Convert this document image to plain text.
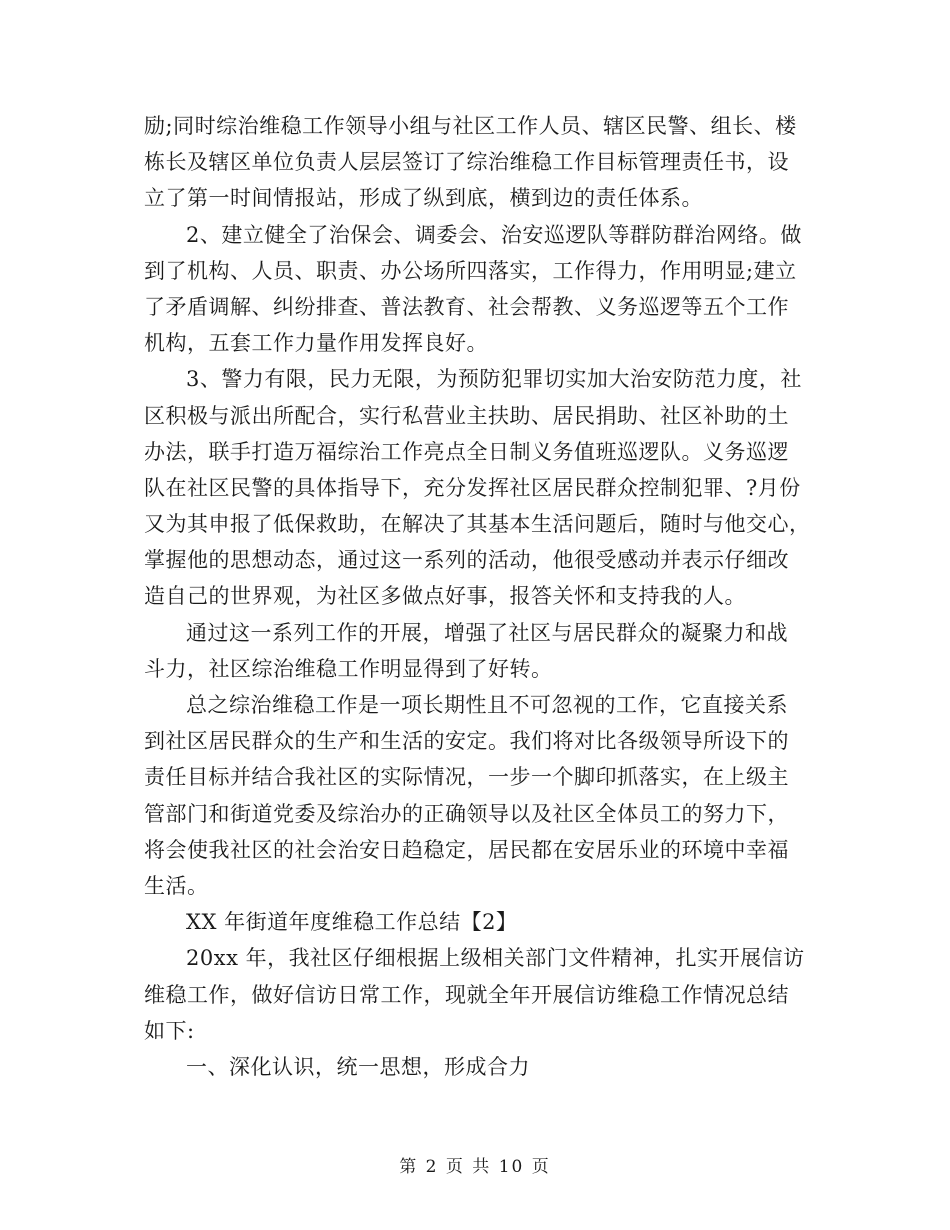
励;同时综治维稳工作领导小组与社区工作人员、辖区民警、组长、楼
栋长及辖区单位负责人层层签订了综治维稳工作目标管理责任书，设
立了第一时间情报站，形成了纵到底，横到边的责任体系。
2、建立健全了治保会、调委会、治安巡逻队等群防群治网络。做
到了机构、人员、职责、办公场所四落实，工作得力，作用明显;建立
了矛盾调解、纠纷排查、普法教育、社会帮教、义务巡逻等五个工作
机构，五套工作力量作用发挥良好。
3、警力有限，民力无限，为预防犯罪切实加大治安防范力度，社
区积极与派出所配合，实行私营业主扶助、居民捐助、社区补助的土
办法，联手打造万福综治工作亮点全日制义务值班巡逻队。义务巡逻
队在社区民警的具体指导下，充分发挥社区居民群众控制犯罪、?月份
又为其申报了低保救助，在解决了其基本生活问题后，随时与他交心，
掌握他的思想动态，通过这一系列的活动，他很受感动并表示仔细改
造自己的世界观，为社区多做点好事，报答关怀和支持我的人。
通过这一系列工作的开展，增强了社区与居民群众的凝聚力和战
斗力，社区综治维稳工作明显得到了好转。
总之综治维稳工作是一项长期性且不可忽视的工作，它直接关系
到社区居民群众的生产和生活的安定。我们将对比各级领导所设下的
责任目标并结合我社区的实际情况，一步一个脚印抓落实，在上级主
管部门和街道党委及综治办的正确领导以及社区全体员工的努力下，
将会使我社区的社会治安日趋稳定，居民都在安居乐业的环境中幸福
生活。
XX 年街道年度维稳工作总结【2】
20xx 年，我社区仔细根据上级相关部门文件精神，扎实开展信访
维稳工作，做好信访日常工作，现就全年开展信访维稳工作情况总结
如下:
一、深化认识，统一思想，形成合力
第 2 页 共 10 页
